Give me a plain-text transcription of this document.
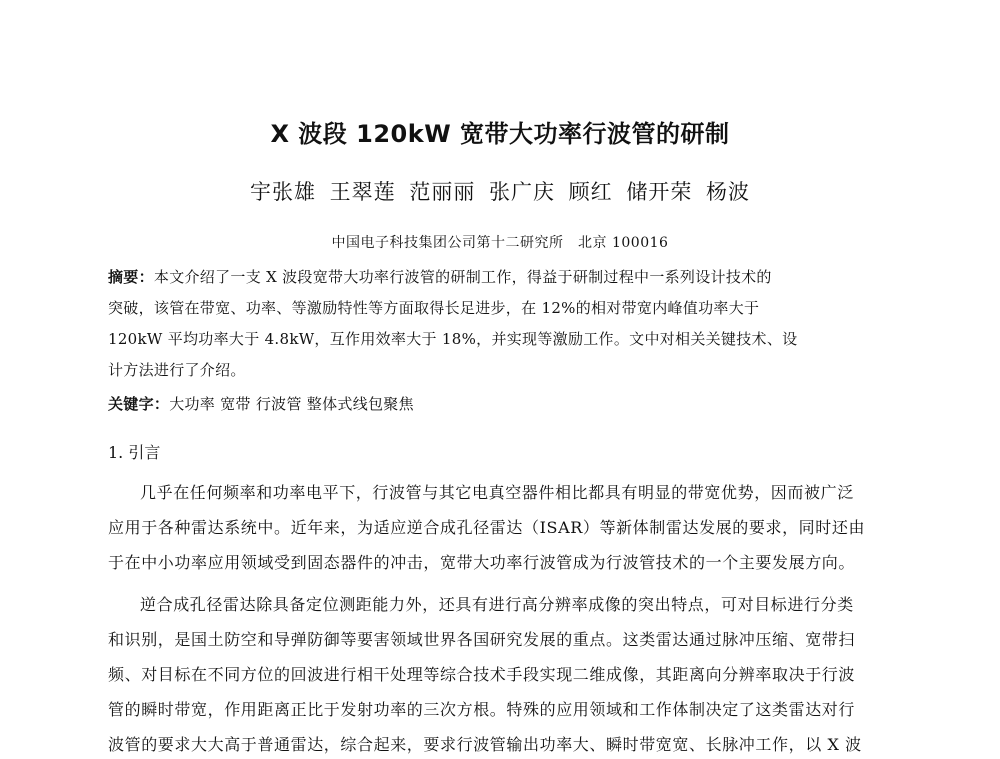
X 波段 120kW 宽带大功率行波管的研制
宇张雄 王翠莲 范丽丽 张广庆 顾红 储开荣 杨波
中国电子科技集团公司第十二研究所　北京 100016
摘要：本文介绍了一支 X 波段宽带大功率行波管的研制工作，得益于研制过程中一系列设计技术的
突破，该管在带宽、功率、等激励特性等方面取得长足进步，在 12%的相对带宽内峰值功率大于
120kW 平均功率大于 4.8kW，互作用效率大于 18%，并实现等激励工作。文中对相关关键技术、设
计方法进行了介绍。
关键字：大功率 宽带 行波管 整体式线包聚焦
1. 引言
几乎在任何频率和功率电平下，行波管与其它电真空器件相比都具有明显的带宽优势，因而被广泛
应用于各种雷达系统中。近年来，为适应逆合成孔径雷达（ISAR）等新体制雷达发展的要求，同时还由
于在中小功率应用领域受到固态器件的冲击，宽带大功率行波管成为行波管技术的一个主要发展方向。
逆合成孔径雷达除具备定位测距能力外，还具有进行高分辨率成像的突出特点，可对目标进行分类
和识别，是国土防空和导弹防御等要害领域世界各国研究发展的重点。这类雷达通过脉冲压缩、宽带扫
频、对目标在不同方位的回波进行相干处理等综合技术手段实现二维成像，其距离向分辨率取决于行波
管的瞬时带宽，作用距离正比于发射功率的三次方根。特殊的应用领域和工作体制决定了这类雷达对行
波管的要求大大高于普通雷达，综合起来，要求行波管输出功率大、瞬时带宽宽、长脉冲工作，以 X 波
